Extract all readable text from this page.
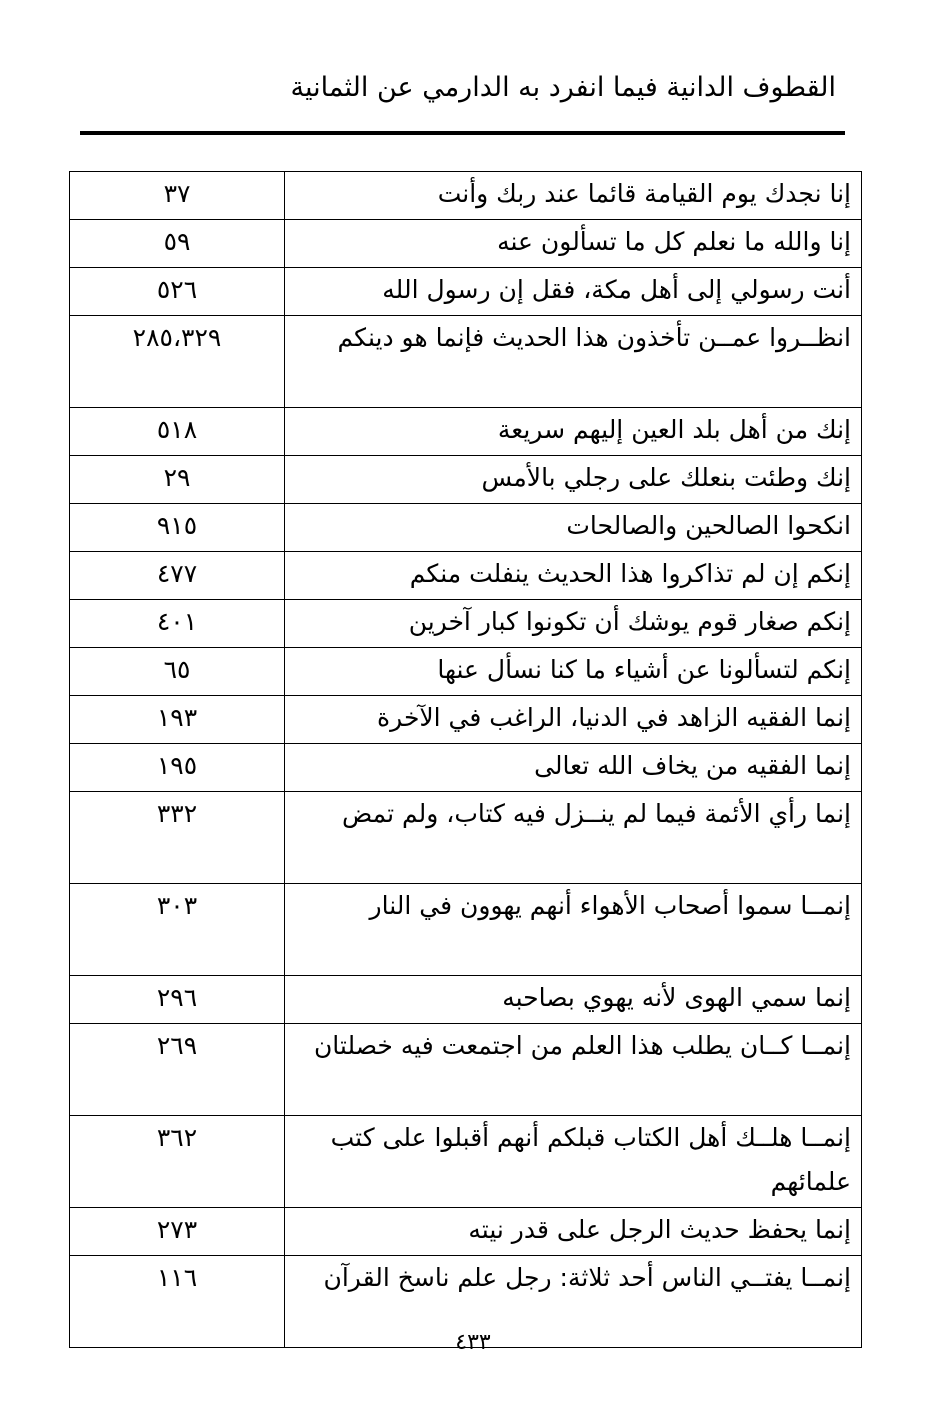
القطوف الدانية فيما انفرد به الدارمي عن الثمانية
إنا نجدك يوم القيامة قائما عند ربك وأنت	٣٧
إنا والله ما نعلم كل ما تسألون عنه	٥٩
أنت رسولي إلى أهل مكة، فقل إن رسول الله	٥٢٦
انظــروا عمــن تأخذون هذا الحديث فإنما هو دينكم	٢٨٥،٣٢٩
إنك من أهل بلد العين إليهم سريعة	٥١٨
إنك وطئت بنعلك على رجلي بالأمس	٢٩
انكحوا الصالحين والصالحات	٩١٥
إنكم إن لم تذاكروا هذا الحديث ينفلت منكم	٤٧٧
إنكم صغار قوم يوشك أن تكونوا كبار آخرين	٤٠١
إنكم لتسألونا عن أشياء ما كنا نسأل عنها	٦٥
إنما الفقيه الزاهد في الدنيا، الراغب في الآخرة	١٩٣
إنما الفقيه من يخاف الله تعالى	١٩٥
إنما رأي الأئمة فيما لم ينــزل فيه كتاب، ولم تمض	٣٣٢
إنمــا سموا أصحاب الأهواء أنهم يهوون في النار	٣٠٣
إنما سمي الهوى لأنه يهوي بصاحبه	٢٩٦
إنمــا كــان يطلب هذا العلم من اجتمعت فيه خصلتان	٢٦٩
إنمــا هلــك أهل الكتاب قبلكم أنهم أقبلوا على كتب علمائهم	٣٦٢
إنما يحفظ حديث الرجل على قدر نيته	٢٧٣
إنمــا يفتــي الناس أحد ثلاثة: رجل علم ناسخ القرآن	١١٦
٤٣٣
